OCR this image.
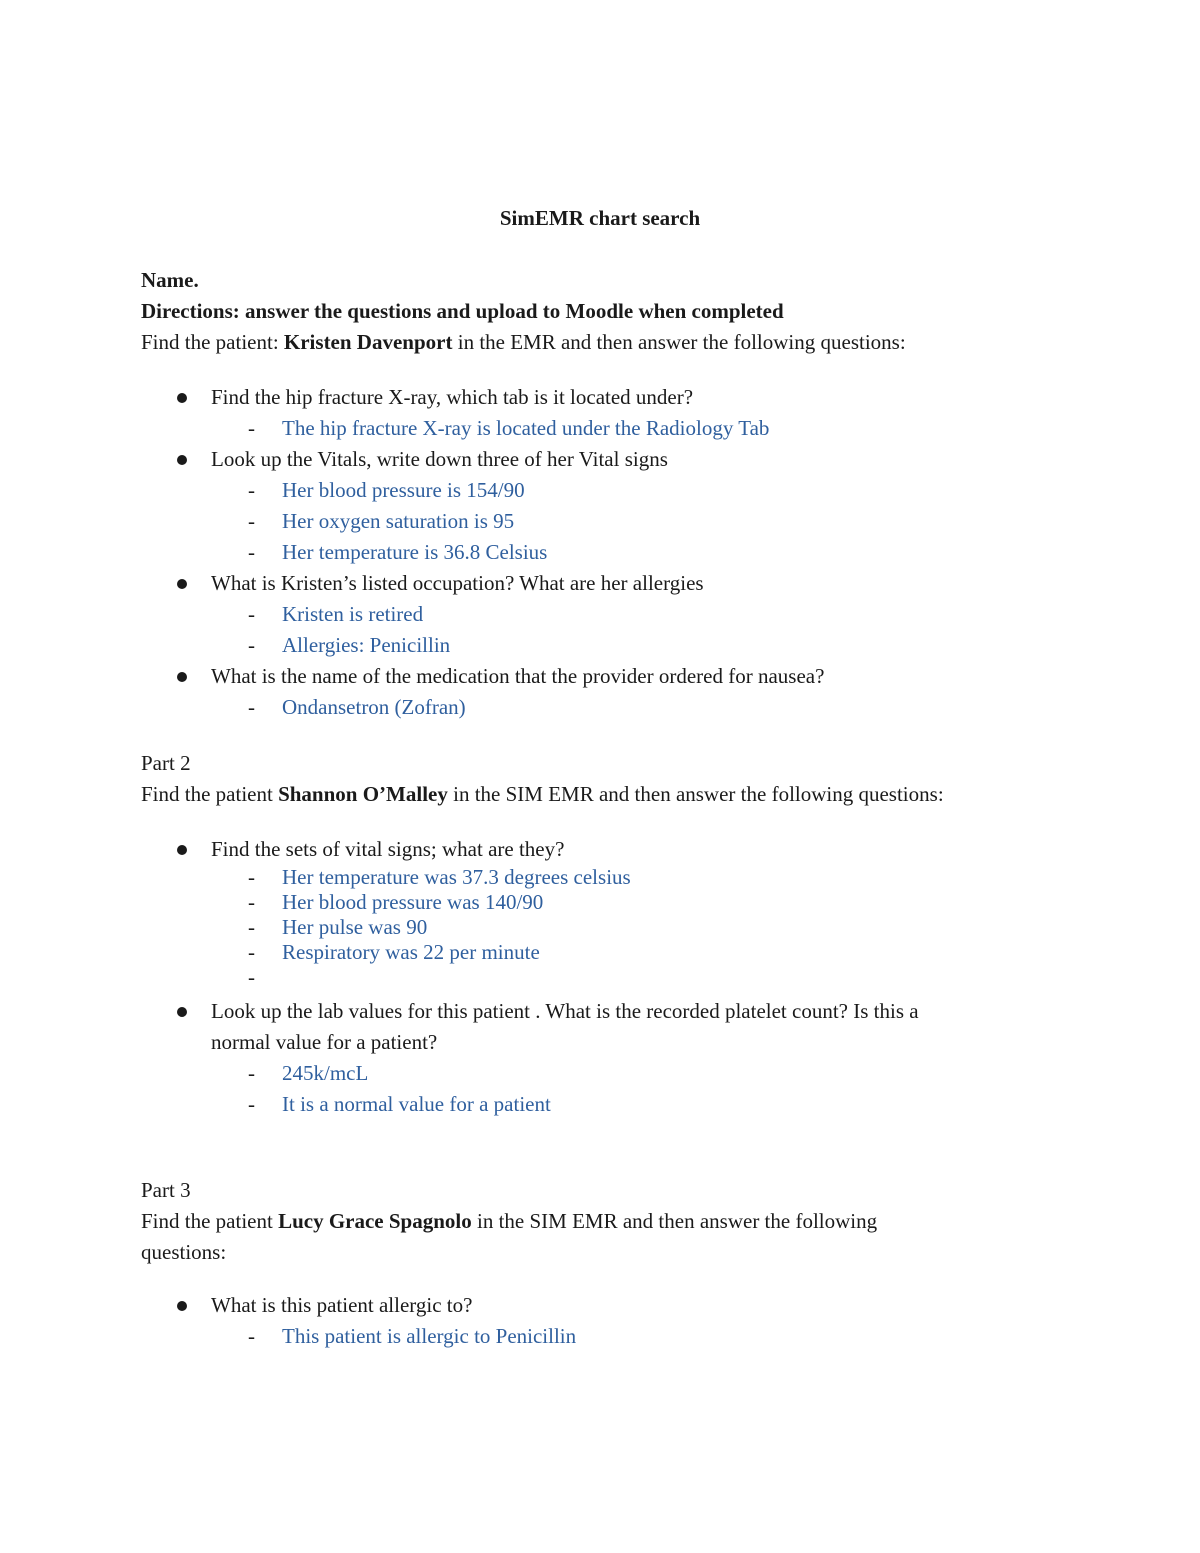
SimEMR chart search
Name.
Directions: answer the questions and upload to Moodle when completed
Find the patient: Kristen Davenport in the EMR and then answer the following questions:
Find the hip fracture X-ray, which tab is it located under?
- The hip fracture X-ray is located under the Radiology Tab
Look up the Vitals, write down three of her Vital signs
- Her blood pressure is 154/90
- Her oxygen saturation is 95
- Her temperature is 36.8 Celsius
What is Kristen’s listed occupation? What are her allergies
- Kristen is retired
- Allergies: Penicillin
What is the name of the medication that the provider ordered for nausea?
- Ondansetron (Zofran)
Part 2
Find the patient Shannon O’Malley in the SIM EMR and then answer the following questions:
Find the sets of vital signs; what are they?
- Her temperature was 37.3 degrees celsius
- Her blood pressure was 140/90
- Her pulse was 90
- Respiratory was 22 per minute
-
Look up the lab values for this patient . What is the recorded platelet count? Is this a
normal value for a patient?
- 245k/mcL
- It is a normal value for a patient
Part 3
Find the patient Lucy Grace Spagnolo in the SIM EMR and then answer the following
questions:
What is this patient allergic to?
- This patient is allergic to Penicillin
